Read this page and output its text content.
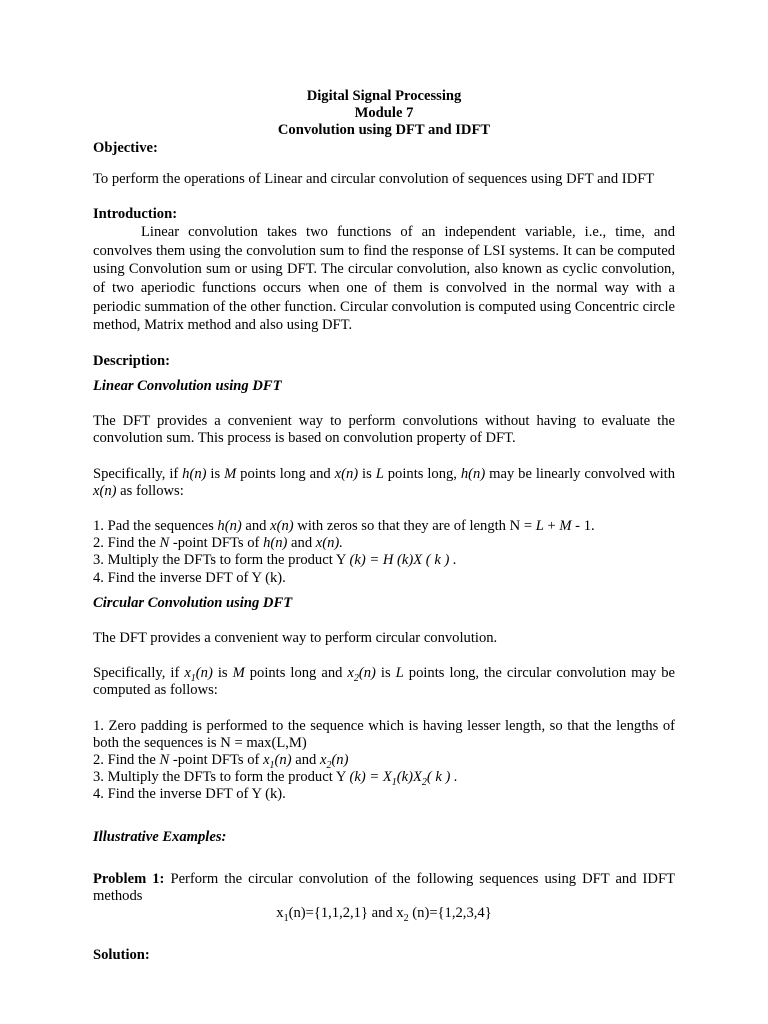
Digital Signal Processing

Module 7

Convolution using DFT and IDFT

Objective:

To perform the operations of Linear and circular convolution of sequences using DFT and IDFT

Introduction:

Linear convolution takes two functions of an independent variable, i.e., time, and convolves them using the convolution sum to find the response of LSI systems. It can be computed using Convolution sum or using DFT. The circular convolution, also known as cyclic convolution, of two aperiodic functions occurs when one of them is convolved in the normal way with a periodic summation of the other function. Circular convolution is computed using Concentric circle method, Matrix method and also using DFT.

Description:

Linear Convolution using DFT

The DFT provides a convenient way to perform convolutions without having to evaluate the convolution sum. This process is based on convolution property of DFT.

Specifically, if h(n) is M points long and x(n) is L points long, h(n) may be linearly convolved with x(n) as follows:

1. Pad the sequences h(n) and x(n) with zeros so that they are of length N = L + M - 1.

2. Find the N -point DFTs of h(n) and x(n).

3. Multiply the DFTs to form the product Y (k) = H (k)X ( k ) .

4. Find the inverse DFT of Y (k).

Circular Convolution using DFT

The DFT provides a convenient way to perform circular convolution.

Specifically, if $x_1(n)$ is M points long and $x_2(n)$ is L points long, the circular convolution may be computed as follows:

1. Zero padding is performed to the sequence which is having lesser length, so that the lengths of both the sequences is N = max(L,M)

2. Find the N -point DFTs of $x_1(n)$ and $x_2(n)$

3. Multiply the DFTs to form the product Y $(k) = X_1(k)X_2$( k ) .

4. Find the inverse DFT of Y (k).

Illustrative Examples:

Problem 1: Perform the circular convolution of the following sequences using DFT and IDFT methods

$x_1(n)=\{1,1,2,1\}$ and $x_2$ (n)={1,2,3,4}

Solution:
